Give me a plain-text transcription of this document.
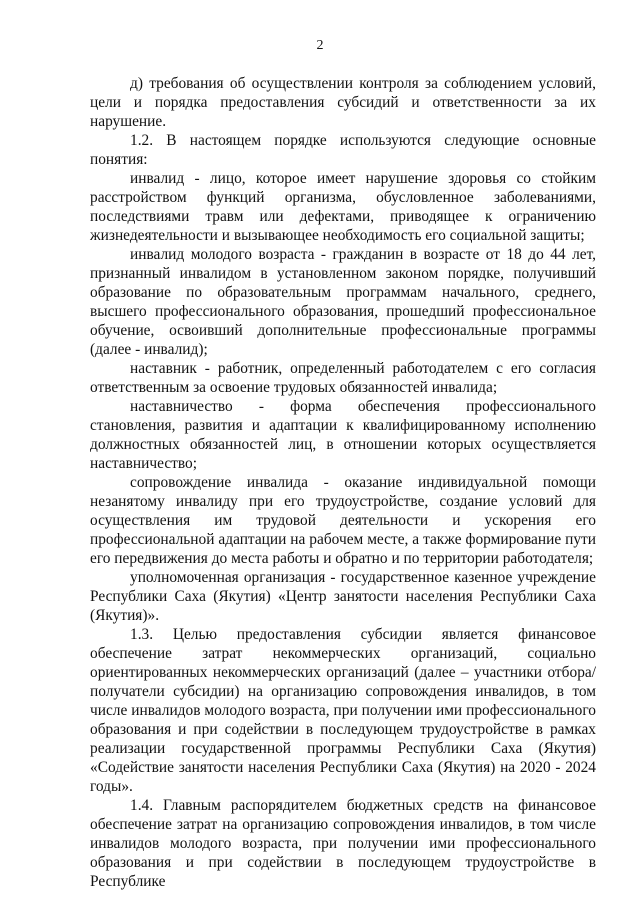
2

д) требования об осуществлении контроля за соблюдением условий, цели и порядка предоставления субсидий и ответственности за их нарушение.

1.2. В настоящем порядке используются следующие основные понятия:

инвалид - лицо, которое имеет нарушение здоровья со стойким расстройством функций организма, обусловленное заболеваниями, последствиями травм или дефектами, приводящее к ограничению жизнедеятельности и вызывающее необходимость его социальной защиты;

инвалид молодого возраста - гражданин в возрасте от 18 до 44 лет, признанный инвалидом в установленном законом порядке, получивший образование по образовательным программам начального, среднего, высшего профессионального образования, прошедший профессиональное обучение, освоивший дополнительные профессиональные программы (далее - инвалид);

наставник - работник, определенный работодателем с его согласия ответственным за освоение трудовых обязанностей инвалида;

наставничество - форма обеспечения профессионального становления, развития и адаптации к квалифицированному исполнению должностных обязанностей лиц, в отношении которых осуществляется наставничество;

сопровождение инвалида - оказание индивидуальной помощи незанятому инвалиду при его трудоустройстве, создание условий для осуществления им трудовой деятельности и ускорения его профессиональной адаптации на рабочем месте, а также формирование пути его передвижения до места работы и обратно и по территории работодателя;

уполномоченная организация - государственное казенное учреждение Республики Саха (Якутия) «Центр занятости населения Республики Саха (Якутия)».

1.3. Целью предоставления субсидии является финансовое обеспечение затрат некоммерческих организаций, социально ориентированных некоммерческих организаций (далее – участники отбора/получатели субсидии) на организацию сопровождения инвалидов, в том числе инвалидов молодого возраста, при получении ими профессионального образования и при содействии в последующем трудоустройстве в рамках реализации государственной программы Республики Саха (Якутия) «Содействие занятости населения Республики Саха (Якутия) на 2020 - 2024 годы».

1.4. Главным распорядителем бюджетных средств на финансовое обеспечение затрат на организацию сопровождения инвалидов, в том числе инвалидов молодого возраста, при получении ими профессионального образования и при содействии в последующем трудоустройстве в Республике
